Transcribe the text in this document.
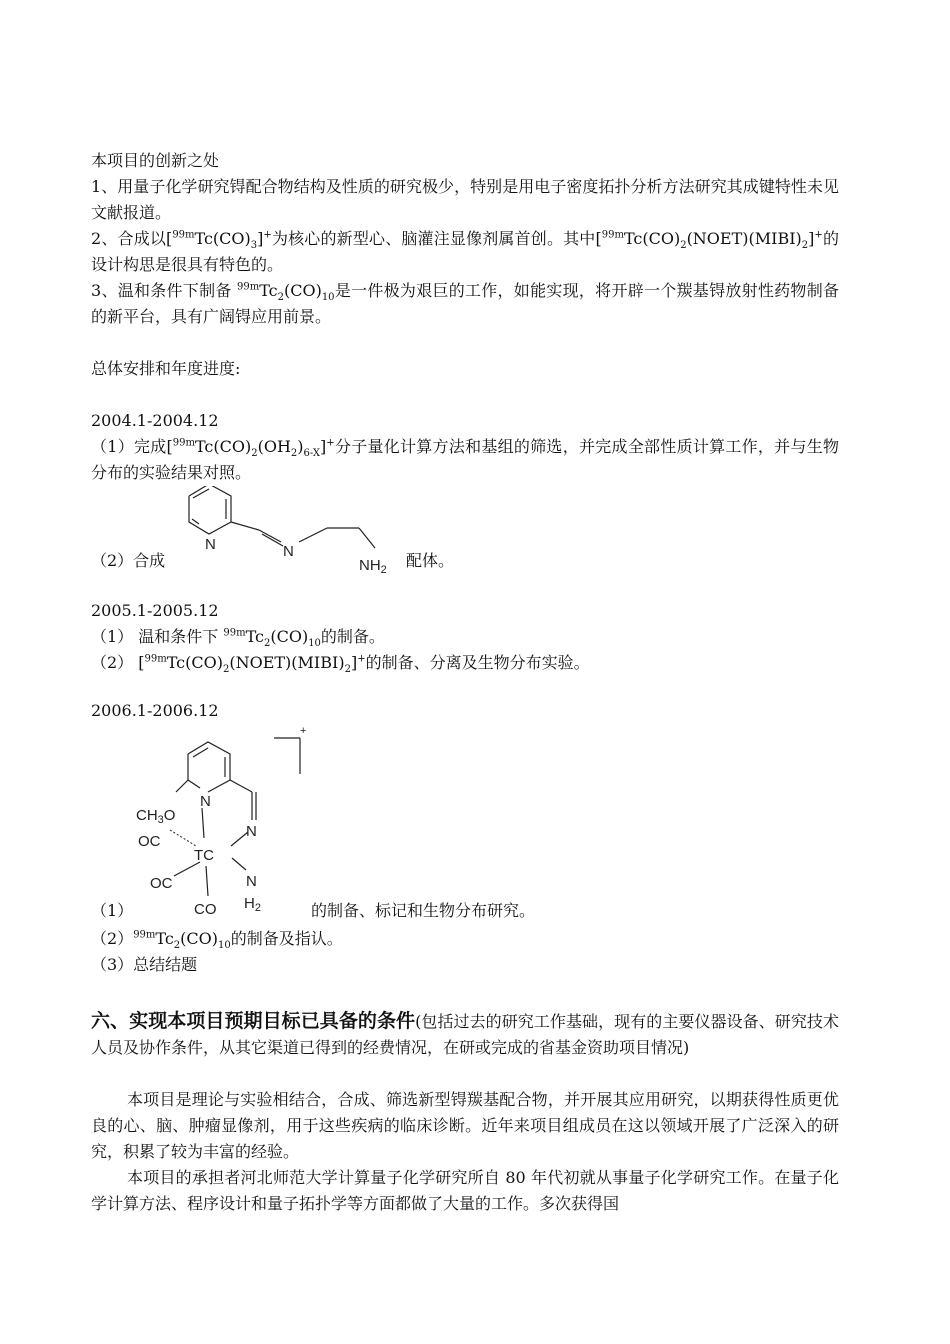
本项目的创新之处

1、用量子化学研究锝配合物结构及性质的研究极少，特别是用电子密度拓扑分析方法研究其成键特性未见文献报道。

2、合成以$[^{99m}Tc(CO)_3]^+$为核心的新型心、脑灌注显像剂属首创。其中$[^{99m}Tc(CO)_2(NOET)(MIBI)_2]^+$的设计构思是很具有特色的。

3、温和条件下制备 $^{99m}Tc_2(CO)_{10}$是一件极为艰巨的工作，如能实现，将开辟一个羰基锝放射性药物制备的新平台，具有广阔锝应用前景。

总体安排和年度进度:

2004.1-2004.12

（1）完成$[^{99m}Tc(CO)_2(OH_2)_{6-X}]^+$分子量化计算方法和基组的筛选，并完成全部性质计算工作，并与生物分布的实验结果对照。

（2）合成
N	N
$NH_2$ 配体。

2005.1-2005.12

（1） 温和条件下 $^{99m}Tc_2(CO)_{10}$的制备。

（2） $[^{99m}Tc(CO)_2(NOET)(MIBI)_2]^+$的制备、分离及生物分布实验。

2006.1-2006.12

（1）
+
N
$CH_3O$
OC
TC
N
OC	N
$H_2$
CO	的制备、标记和生物分布研究。

$(2)^{99m}Tc_2(CO)_{10}$的制备及指认。

（3）总结结题

六、实现本项目预期目标已具备的条件(包括过去的研究工作基础，现有的主要仪器设备、研究技术人员及协作条件，从其它渠道已得到的经费情况，在研或完成的省基金资助项目情况)

本项目是理论与实验相结合，合成、筛选新型锝羰基配合物，并开展其应用研究，以期获得性质更优良的心、脑、肿瘤显像剂，用于这些疾病的临床诊断。近年来项目组成员在这以领域开展了广泛深入的研究，积累了较为丰富的经验。

本项目的承担者河北师范大学计算量子化学研究所自 80 年代初就从事量子化学研究工作。在量子化学计算方法、程序设计和量子拓扑学等方面都做了大量的工作。多次获得国
